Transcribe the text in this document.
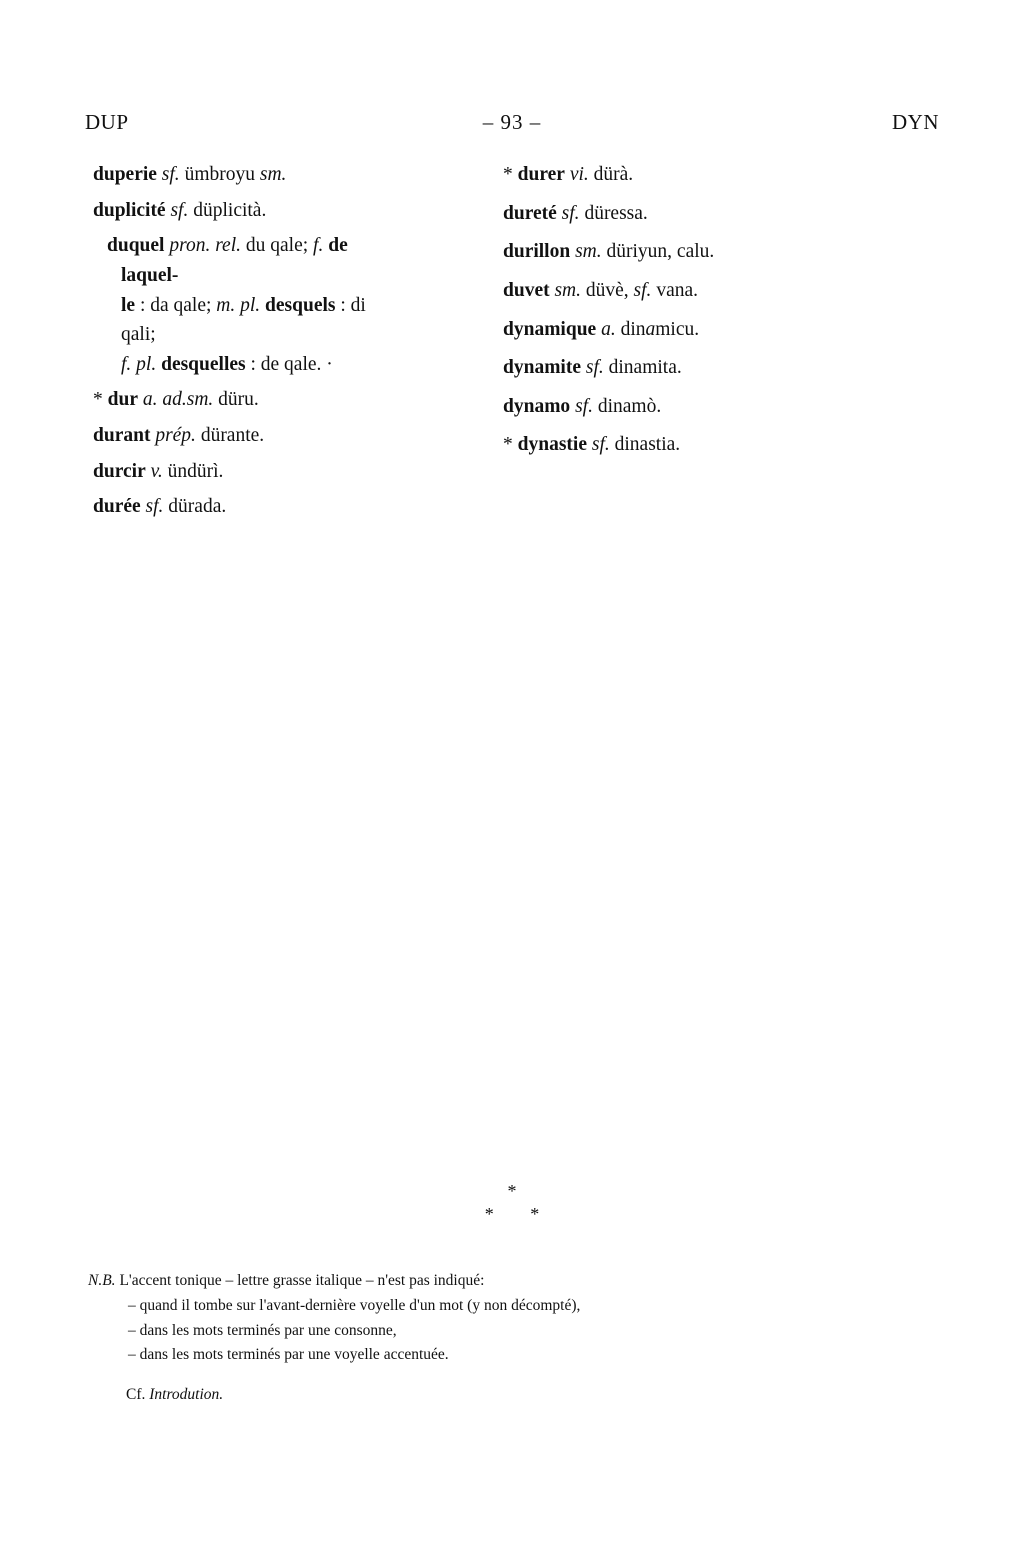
DUP	– 93 –	DYN
duperie sf. ümbroyu sm.
duplicité sf. düplicità.
duquel pron. rel. du qale; f. de laquel-
le : da qale; m. pl. desquels : di qali;
f. pl. desquelles : de qale. ·
* dur a. ad.sm. düru.
durant prép. dürante.
durcir v. ündürì.
durée sf. dürada.
* durer vi. dürà.
dureté sf. düressa.
durillon sm. düriyun, calu.
duvet sm. düvè, sf. vana.
dynamique a. dinamicu.
dynamite sf. dinamita.
dynamo sf. dinamò.
* dynastie sf. dinastia.
*
* *
N.B. L'accent tonique – lettre grasse italique – n'est pas indiqué:
– quand il tombe sur l'avant-dernière voyelle d'un mot (y non décompté),
– dans les mots terminés par une consonne,
– dans les mots terminés par une voyelle accentuée.
Cf. Introdution.
